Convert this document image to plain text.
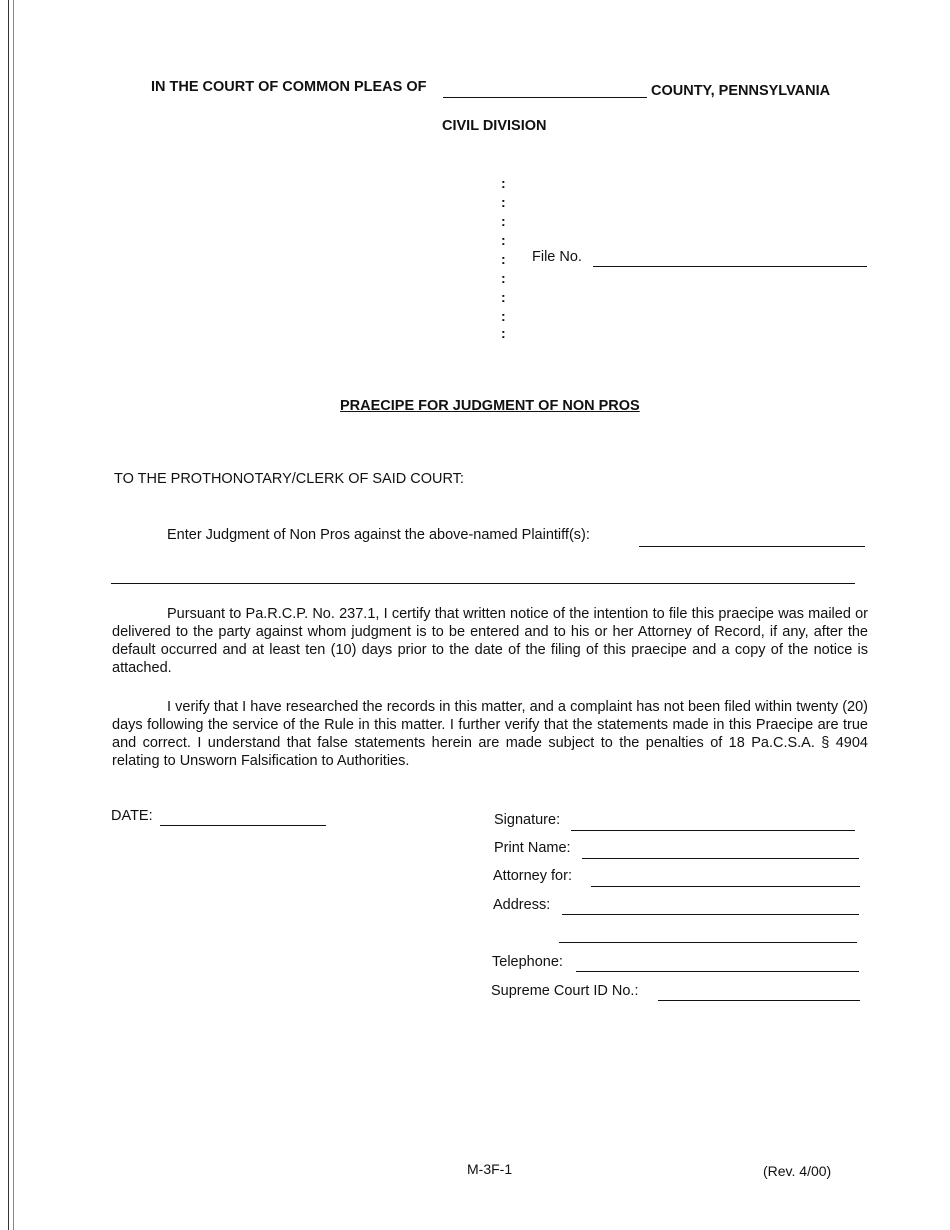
IN THE COURT OF COMMON PLEAS OF	COUNTY, PENNSYLVANIA
CIVIL DIVISION
:
:
:
:
:
:
:
:
:
File No.
PRAECIPE FOR JUDGMENT OF NON PROS
TO THE PROTHONOTARY/CLERK OF SAID COURT:
Enter Judgment of Non Pros against the above-named Plaintiff(s):
Pursuant to Pa.R.C.P. No. 237.1, I certify that written notice of the intention to file this praecipe was mailed or delivered to the party against whom judgment is to be entered and to his or her Attorney of Record, if any, after the default occurred and at least ten (10) days prior to the date of the filing of this praecipe and a copy of the notice is attached.
I verify that I have researched the records in this matter, and a complaint has not been filed within twenty (20) days following the service of the Rule in this matter. I further verify that the statements made in this Praecipe are true and correct. I understand that false statements herein are made subject to the penalties of 18 Pa.C.S.A. § 4904 relating to Unsworn Falsification to Authorities.
DATE:	Signature:
Print Name:
Attorney for:
Address:
Telephone:
Supreme Court ID No.:
M-3F-1	(Rev. 4/00)
